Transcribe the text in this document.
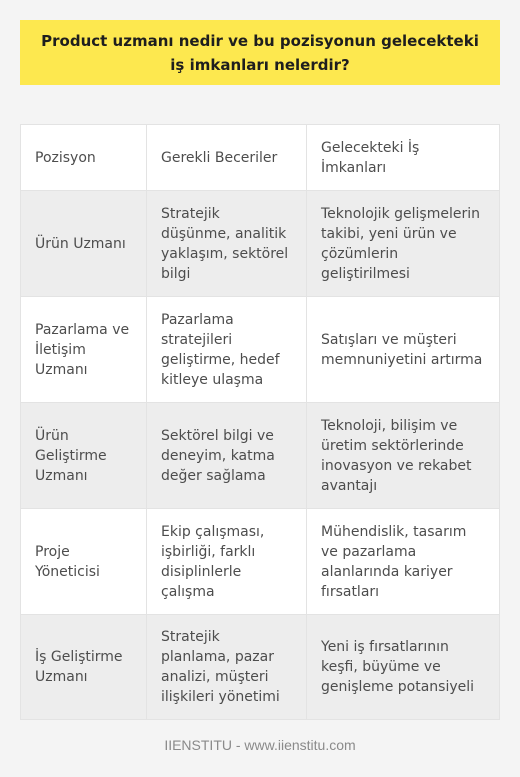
Product uzmanı nedir ve bu pozisyonun gelecekteki iş imkanları nelerdir?
Pozisyon	Gerekli Beceriler
Gelecekteki İş İmkanları
Ürün Uzmanı
Stratejik düşünme, analitik yaklaşım, sektörel bilgi
Teknolojik gelişmelerin takibi, yeni ürün ve çözümlerin geliştirilmesi
Pazarlama ve İletişim Uzmanı
Pazarlama stratejileri geliştirme, hedef kitleye ulaşma
Satışları ve müşteri memnuniyetini artırma
Ürün Geliştirme Uzmanı
Sektörel bilgi ve deneyim, katma değer sağlama
Teknoloji, bilişim ve üretim sektörlerinde inovasyon ve rekabet avantajı
Proje Yöneticisi
Ekip çalışması, işbirliği, farklı disiplinlerle çalışma
Mühendislik, tasarım ve pazarlama alanlarında kariyer fırsatları
İş Geliştirme Uzmanı
Stratejik planlama, pazar analizi, müşteri ilişkileri yönetimi
Yeni iş fırsatlarının keşfi, büyüme ve genişleme potansiyeli
IIENSTITU - www.iienstitu.com
